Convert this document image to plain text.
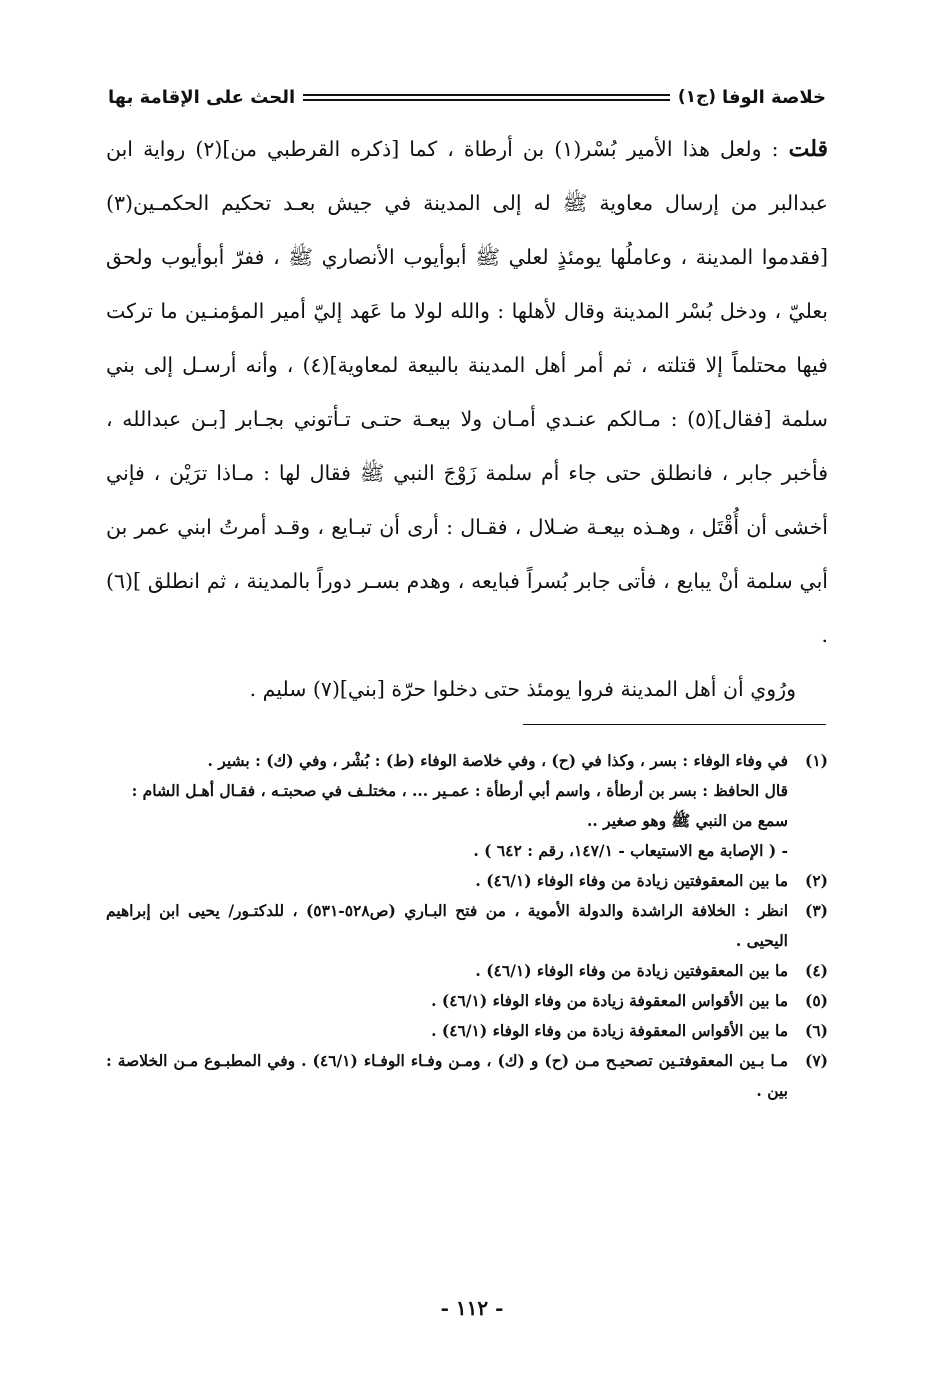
خلاصة الوفا
(ج١)
الحث على الإقامة بها

قلت : ولعل هذا الأمير بُسْر(١) بن أرطاة ، كما [ذكره القرطبي من](٢) رواية ابن عبدالبر من إرسال معاوية ﷺ له إلى المدينة في جيش بعـد تحكيم الحكمـين(٣) [فقدموا المدينة ، وعاملُها يومئذٍ لعلي ﷺ أبوأيوب الأنصاري ﷺ ، ففرّ أبوأيوب ولحق بعليّ ، ودخل بُسْر المدينة وقال لأهلها : والله لولا ما عَهد إليّ أمير المؤمنـين ما تركت فيها محتلماً إلا قتلته ، ثم أمر أهل المدينة بالبيعة لمعاوية](٤) ، وأنه أرسـل إلى بني سلمة [فقال](٥) : مـالكم عنـدي أمـان ولا بيعـة حتـى تـأتوني بجـابر [بـن عبدالله ، فأخبر جابر ، فانطلق حتى جاء أم سلمة زَوْجَ النبي ﷺ فقال لها : مـاذا ترَيْن ، فإني أخشى أن أُقْتَل ، وهـذه بيعـة ضـلال ، فقـال : أرى أن تبـايع ، وقـد أمرتُ ابني عمر بن أبي سلمة أنْ يبايع ، فأتى جابر بُسراً فبايعه ، وهدم بسـر دوراً بالمدينة ، ثم انطلق ](٦) .

ورُوي أن أهل المدينة فروا يومئذ حتى دخلوا حرّة [بني](٧) سليم .

(١)
في وفاء الوفاء : بسر ، وكذا في (ح) ، وفي خلاصة الوفاء (ط) : بُشْر ، وفي (ك) : بشير .
قال الحافظ : بسر بن أرطأة ، واسم أبي أرطأة : عمـير ... ، مختلـف في صحبتـه ، فقـال أهـل الشام : سمع من النبي ﷺ وهو صغير ..
- ( الإصابة مع الاستيعاب - ١٤٧/١، رقم : ٦٤٢ ) .
(٢)
ما بين المعقوفتين زيادة من وفاء الوفاء (٤٦/١) .
(٣)
انظر : الخلافة الراشدة والدولة الأموية ، من فتح البـاري (ص٥٢٨-٥٣١) ، للدكتـور/ يحيى ابن إبراهيم اليحيى .
(٤)
ما بين المعقوفتين زيادة من وفاء الوفاء (٤٦/١) .
(٥)
ما بين الأقواس المعقوفة زيادة من وفاء الوفاء (٤٦/١) .
(٦)
ما بين الأقواس المعقوفة زيادة من وفاء الوفاء (٤٦/١) .
(٧)
مـا بـين المعقوفتـين تصحيـح مـن (ح) و (ك) ، ومـن وفـاء الوفـاء (٤٦/١) . وفي المطبـوع مـن الخلاصة : بين .
- ١١٢ -
